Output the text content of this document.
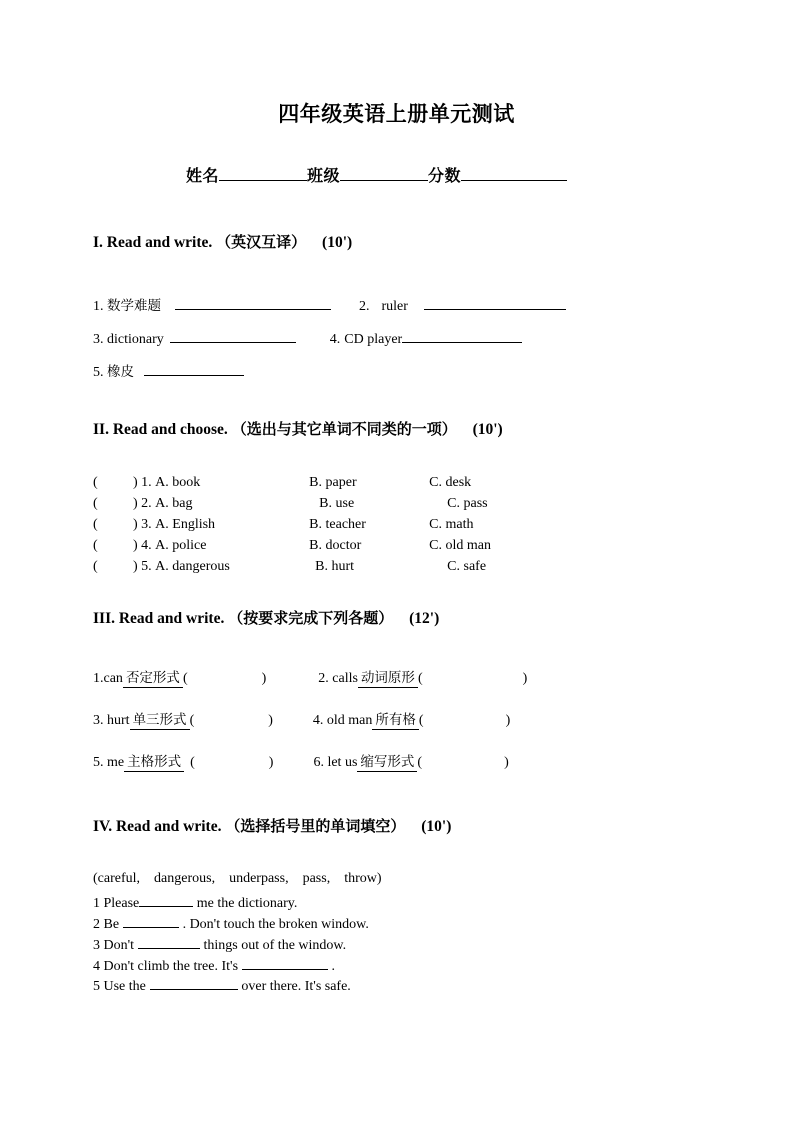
四年级英语上册单元测试
姓名	班级	分数
I. Read and write. （英汉互译） (10')
1. 数学难题	2. ruler
3. dictionary	4. CD player
5. 橡皮
II. Read and choose. （选出与其它单词不同类的一项） (10')
(	) 1. A. book	B. paper	C. desk
(	) 2. A. bag	B. use	C. pass
(	) 3. A. English	B. teacher	C. math
(	) 4. A. police	B. doctor	C. old man
(	) 5. A. dangerous	B. hurt	C. safe
III. Read and write. （按要求完成下列各题） (12')
1.can 否定形式 (	)	2. calls 动词原形 (	)
3. hurt 单三形式 (	)	4. old man 所有格 (	)
5. me 主格形式 (	)	6. let us 缩写形式 (	)
IV. Read and write. （选择括号里的单词填空） (10')
(careful, dangerous, underpass, pass, throw)
1 Please	me the dictionary.
2 Be	. Don't touch the broken window.
3 Don't	things out of the window.
4 Don't climb the tree. It's	.
5 Use the	over there. It's safe.
